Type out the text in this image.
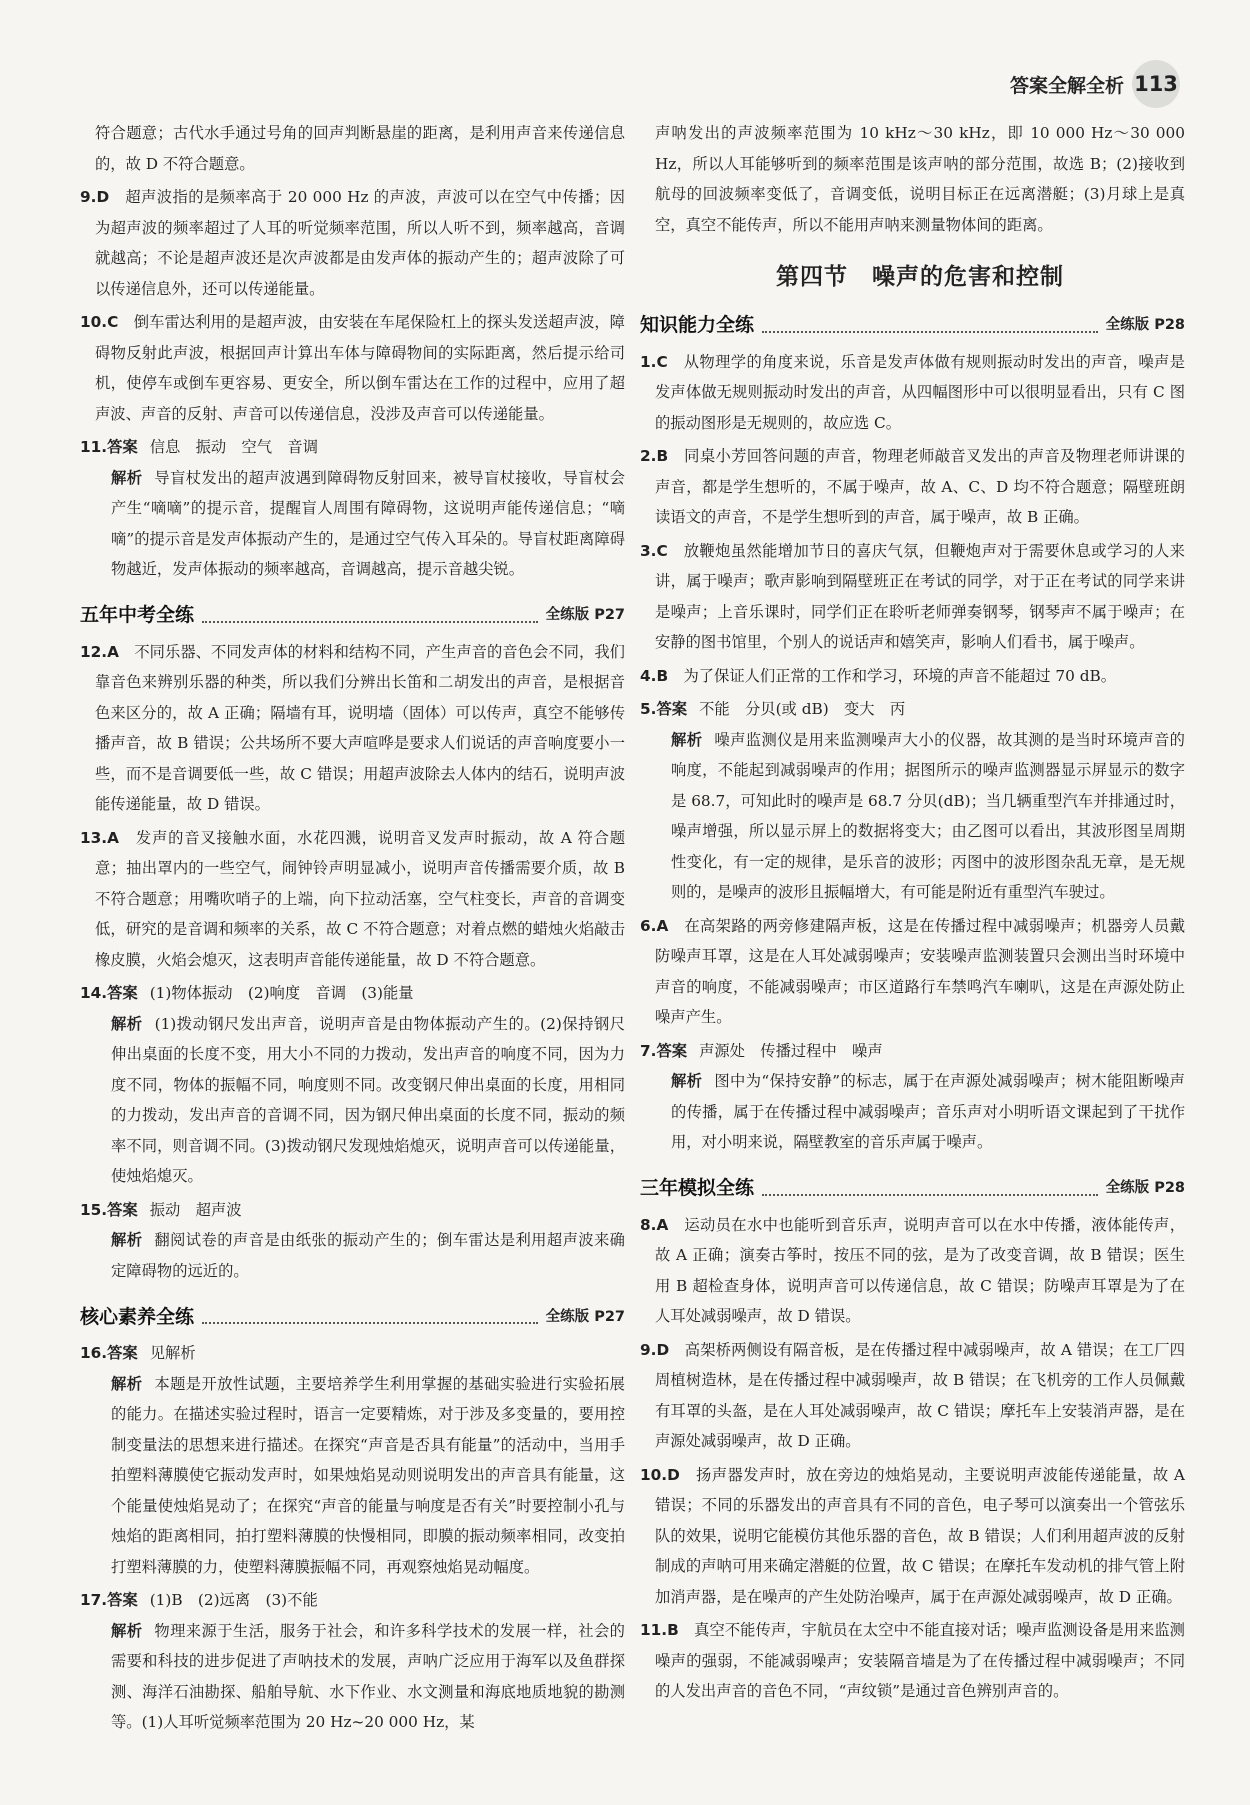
答案全解全析 113

符合题意；古代水手通过号角的回声判断悬崖的距离，是利用声音来传递信息的，故 D 不符合题意。

9.D　 超声波指的是频率高于 20 000 Hz 的声波，声波可以在空气中传播；因为超声波的频率超过了人耳的听觉频率范围，所以人听不到，频率越高，音调就越高；不论是超声波还是次声波都是由发声体的振动产生的；超声波除了可以传递信息外，还可以传递能量。

10.C　 倒车雷达利用的是超声波，由安装在车尾保险杠上的探头发送超声波，障碍物反射此声波，根据回声计算出车体与障碍物间的实际距离，然后提示给司机，使停车或倒车更容易、更安全，所以倒车雷达在工作的过程中，应用了超声波、声音的反射、声音可以传递信息，没涉及声音可以传递能量。

11.答案 信息　振动　空气　音调

解析 导盲杖发出的超声波遇到障碍物反射回来，被导盲杖接收，导盲杖会产生“嘀嘀”的提示音，提醒盲人周围有障碍物，这说明声能传递信息；“嘀嘀”的提示音是发声体振动产生的，是通过空气传入耳朵的。导盲杖距离障碍物越近，发声体振动的频率越高，音调越高，提示音越尖锐。

五年中考全练	全练版 P27

12.A　 不同乐器、不同发声体的材料和结构不同，产生声音的音色会不同，我们靠音色来辨别乐器的种类，所以我们分辨出长笛和二胡发出的声音，是根据音色来区分的，故 A 正确；隔墙有耳，说明墙（固体）可以传声，真空不能够传播声音，故 B 错误；公共场所不要大声喧哗是要求人们说话的声音响度要小一些，而不是音调要低一些，故 C 错误；用超声波除去人体内的结石，说明声波能传递能量，故 D 错误。

13.A　 发声的音叉接触水面，水花四溅，说明音叉发声时振动，故 A 符合题意；抽出罩内的一些空气，闹钟铃声明显减小，说明声音传播需要介质，故 B 不符合题意；用嘴吹哨子的上端，向下拉动活塞，空气柱变长，声音的音调变低，研究的是音调和频率的关系，故 C 不符合题意；对着点燃的蜡烛火焰敲击橡皮膜，火焰会熄灭，这表明声音能传递能量，故 D 不符合题意。

14.答案 (1)物体振动　(2)响度　音调　(3)能量

解析 (1)拨动钢尺发出声音，说明声音是由物体振动产生的。(2)保持钢尺伸出桌面的长度不变，用大小不同的力拨动，发出声音的响度不同，因为力度不同，物体的振幅不同，响度则不同。改变钢尺伸出桌面的长度，用相同的力拨动，发出声音的音调不同，因为钢尺伸出桌面的长度不同，振动的频率不同，则音调不同。(3)拨动钢尺发现烛焰熄灭，说明声音可以传递能量，使烛焰熄灭。

15.答案 振动　超声波

解析 翻阅试卷的声音是由纸张的振动产生的；倒车雷达是利用超声波来确定障碍物的远近的。

核心素养全练	全练版 P27

16.答案 见解析

解析 本题是开放性试题，主要培养学生利用掌握的基础实验进行实验拓展的能力。在描述实验过程时，语言一定要精炼，对于涉及多变量的，要用控制变量法的思想来进行描述。在探究“声音是否具有能量”的活动中，当用手拍塑料薄膜使它振动发声时，如果烛焰晃动则说明发出的声音具有能量，这个能量使烛焰晃动了；在探究“声音的能量与响度是否有关”时要控制小孔与烛焰的距离相同，拍打塑料薄膜的快慢相同，即膜的振动频率相同，改变拍打塑料薄膜的力，使塑料薄膜振幅不同，再观察烛焰晃动幅度。

17.答案 (1)B　(2)远离　(3)不能

解析 物理来源于生活，服务于社会，和许多科学技术的发展一样，社会的需要和科技的进步促进了声呐技术的发展，声呐广泛应用于海军以及鱼群探测、海洋石油勘探、船舶导航、水下作业、水文测量和海底地质地貌的勘测等。(1)人耳听觉频率范围为 20 Hz~20 000 Hz，某

声呐发出的声波频率范围为 10 kHz～30 kHz，即 10 000 Hz～30 000 Hz，所以人耳能够听到的频率范围是该声呐的部分范围，故选 B；(2)接收到航母的回波频率变低了，音调变低，说明目标正在远离潜艇；(3)月球上是真空，真空不能传声，所以不能用声呐来测量物体间的距离。

第四节 噪声的危害和控制
知识能力全练	全练版 P28

1.C　 从物理学的角度来说，乐音是发声体做有规则振动时发出的声音，噪声是发声体做无规则振动时发出的声音，从四幅图形中可以很明显看出，只有 C 图的振动图形是无规则的，故应选 C。

2.B　 同桌小芳回答问题的声音，物理老师敲音叉发出的声音及物理老师讲课的声音，都是学生想听的，不属于噪声，故 A、C、D 均不符合题意；隔壁班朗读语文的声音，不是学生想听到的声音，属于噪声，故 B 正确。

3.C　 放鞭炮虽然能增加节日的喜庆气氛，但鞭炮声对于需要休息或学习的人来讲，属于噪声；歌声影响到隔壁班正在考试的同学，对于正在考试的同学来讲是噪声；上音乐课时，同学们正在聆听老师弹奏钢琴，钢琴声不属于噪声；在安静的图书馆里，个别人的说话声和嬉笑声，影响人们看书，属于噪声。

4.B　 为了保证人们正常的工作和学习，环境的声音不能超过 70 dB。

5.答案 不能　分贝(或 dB)　变大　丙

解析 噪声监测仪是用来监测噪声大小的仪器，故其测的是当时环境声音的响度，不能起到减弱噪声的作用；据图所示的噪声监测器显示屏显示的数字是 68.7，可知此时的噪声是 68.7 分贝(dB)；当几辆重型汽车并排通过时，噪声增强，所以显示屏上的数据将变大；由乙图可以看出，其波形图呈周期性变化，有一定的规律，是乐音的波形；丙图中的波形图杂乱无章，是无规则的，是噪声的波形且振幅增大，有可能是附近有重型汽车驶过。

6.A　 在高架路的两旁修建隔声板，这是在传播过程中减弱噪声；机器旁人员戴防噪声耳罩，这是在人耳处减弱噪声；安装噪声监测装置只会测出当时环境中声音的响度，不能减弱噪声；市区道路行车禁鸣汽车喇叭，这是在声源处防止噪声产生。

7.答案 声源处　传播过程中　噪声

解析 图中为“保持安静”的标志，属于在声源处减弱噪声；树木能阻断噪声的传播，属于在传播过程中减弱噪声；音乐声对小明听语文课起到了干扰作用，对小明来说，隔壁教室的音乐声属于噪声。

三年模拟全练	全练版 P28

8.A　 运动员在水中也能听到音乐声，说明声音可以在水中传播，液体能传声，故 A 正确；演奏古筝时，按压不同的弦，是为了改变音调，故 B 错误；医生用 B 超检查身体，说明声音可以传递信息，故 C 错误；防噪声耳罩是为了在人耳处减弱噪声，故 D 错误。

9.D　 高架桥两侧设有隔音板，是在传播过程中减弱噪声，故 A 错误；在工厂四周植树造林，是在传播过程中减弱噪声，故 B 错误；在飞机旁的工作人员佩戴有耳罩的头盔，是在人耳处减弱噪声，故 C 错误；摩托车上安装消声器，是在声源处减弱噪声，故 D 正确。

10.D　 扬声器发声时，放在旁边的烛焰晃动，主要说明声波能传递能量，故 A 错误；不同的乐器发出的声音具有不同的音色，电子琴可以演奏出一个管弦乐队的效果，说明它能模仿其他乐器的音色，故 B 错误；人们利用超声波的反射制成的声呐可用来确定潜艇的位置，故 C 错误；在摩托车发动机的排气管上附加消声器，是在噪声的产生处防治噪声，属于在声源处减弱噪声，故 D 正确。

11.B　 真空不能传声，宇航员在太空中不能直接对话；噪声监测设备是用来监测噪声的强弱，不能减弱噪声；安装隔音墙是为了在传播过程中减弱噪声；不同的人发出声音的音色不同，“声纹锁”是通过音色辨别声音的。
